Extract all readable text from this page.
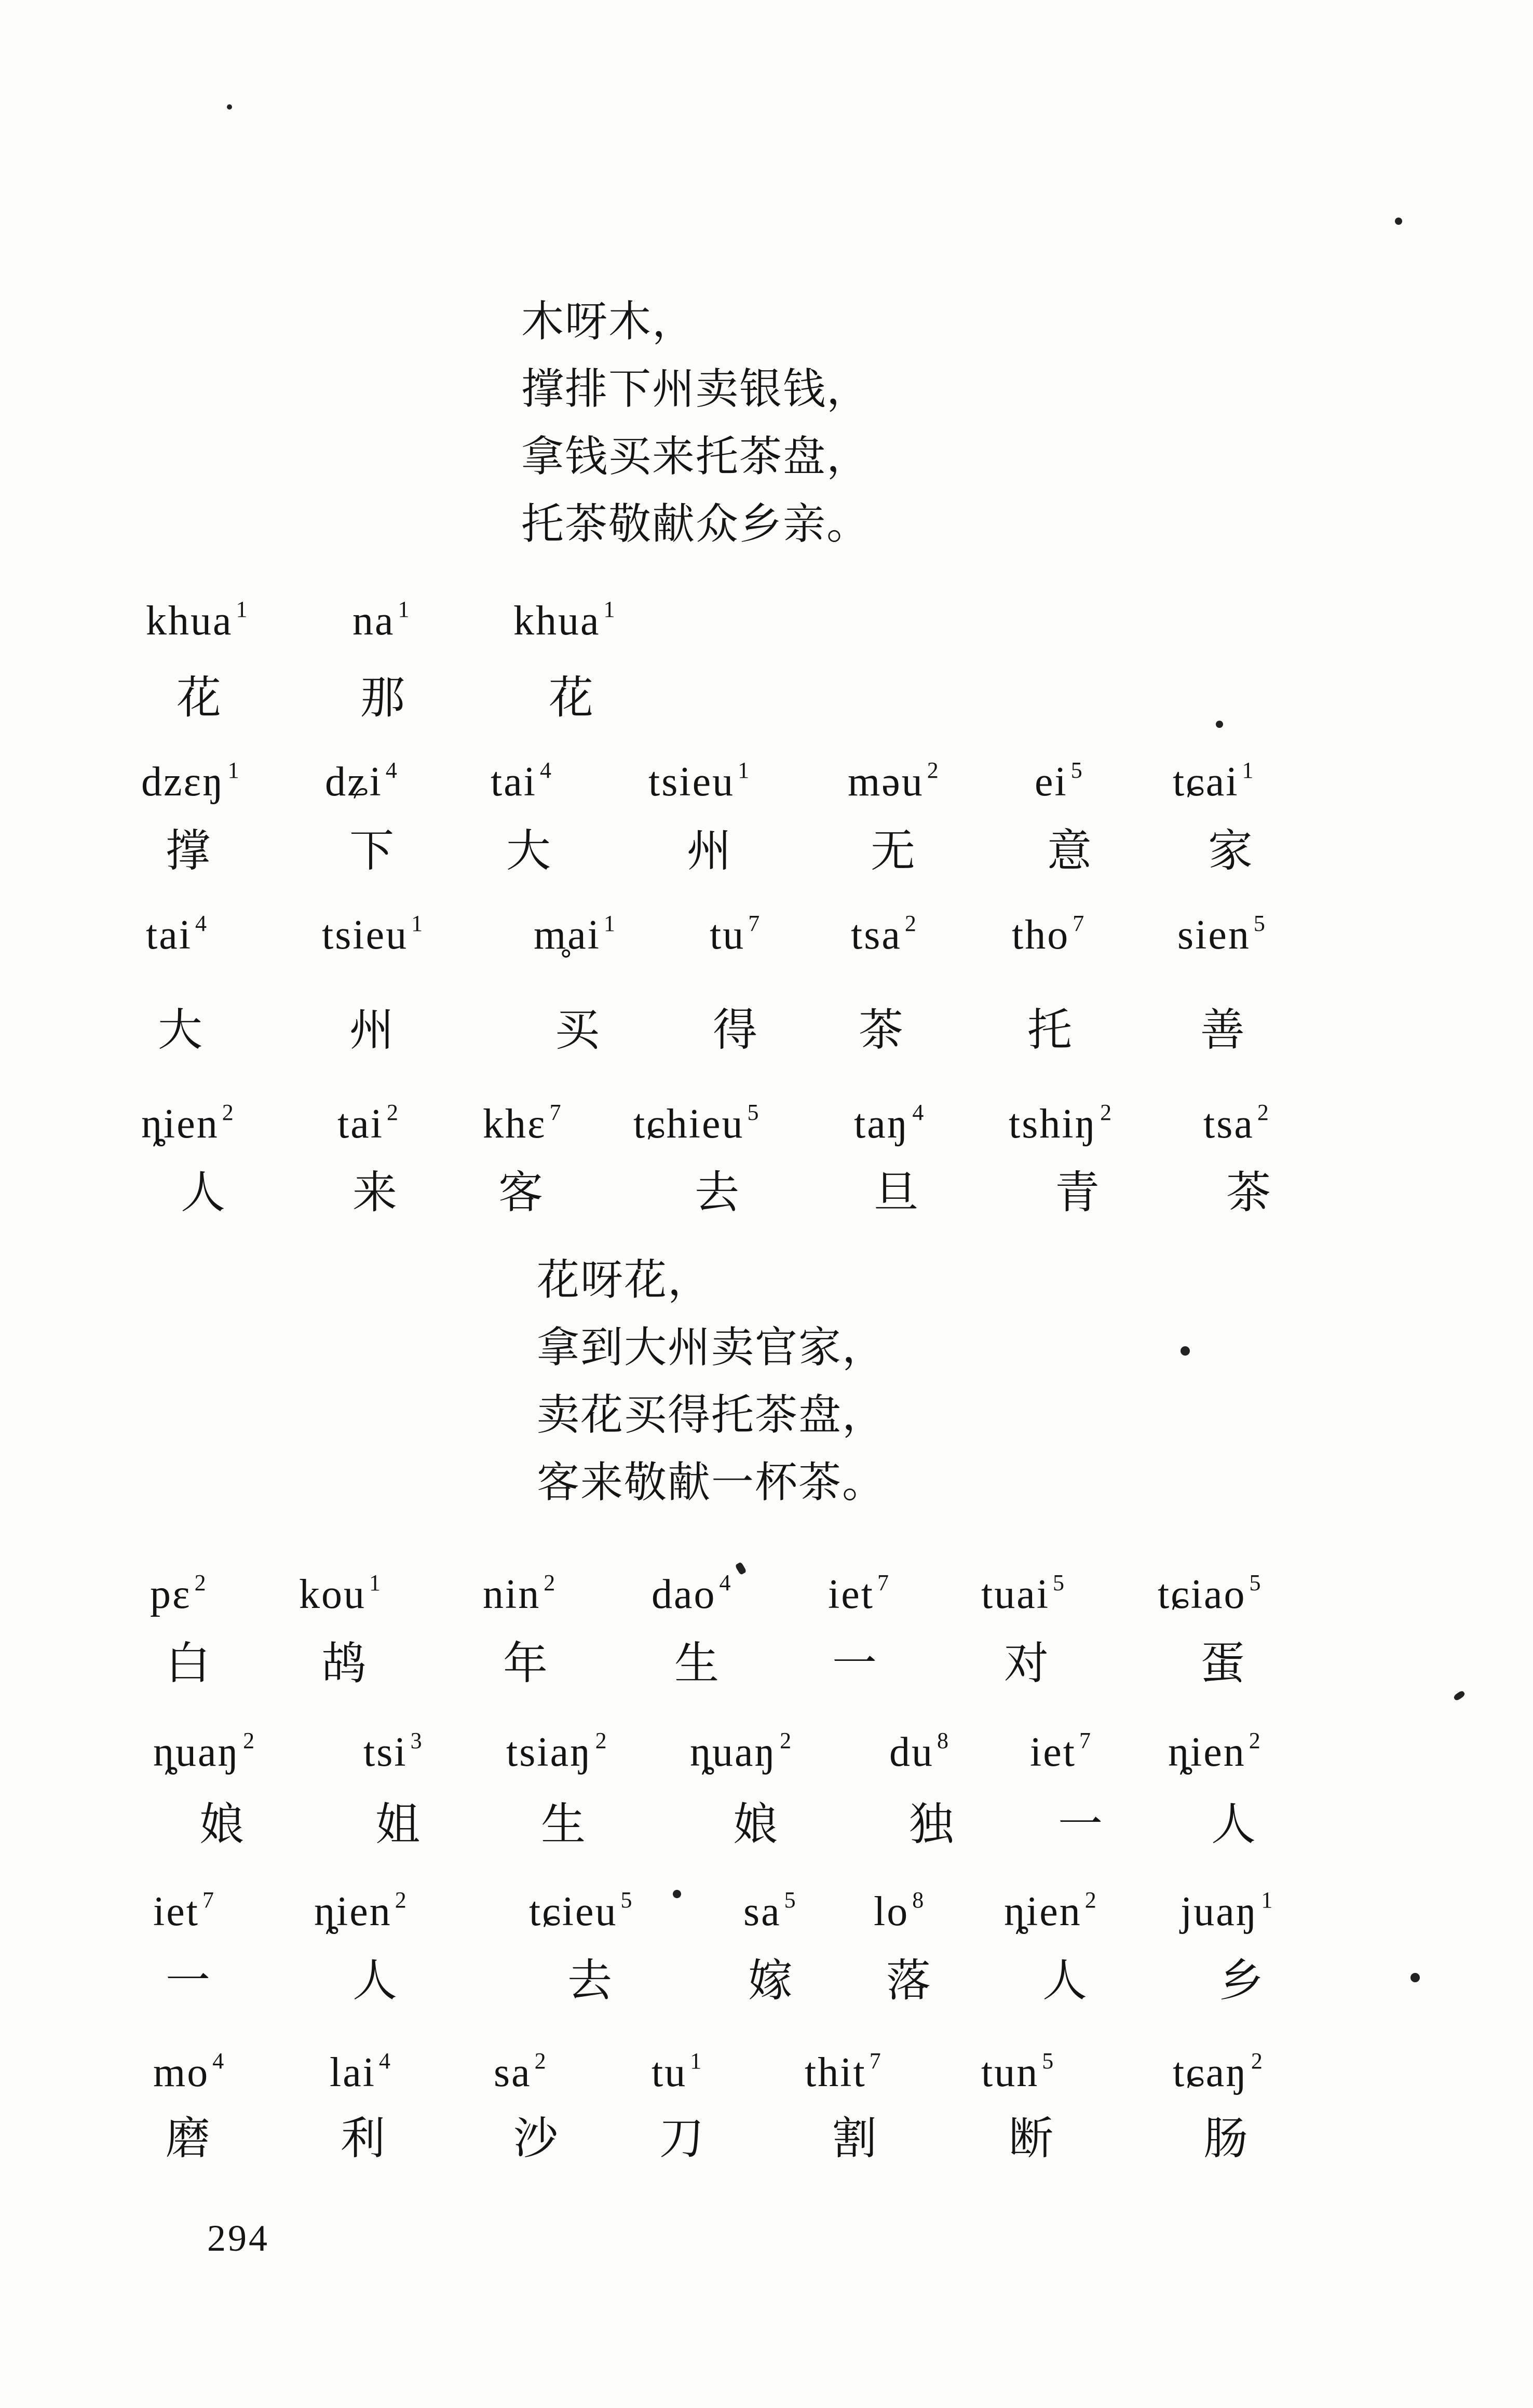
木呀木，
撑排下州卖银钱，
拿钱买来托茶盘，
托茶敬献众乡亲。
花呀花，
拿到大州卖官家，
卖花买得托茶盘，
客来敬献一杯茶。
khua $^1$
花
na $^1$
那
khua $^1$
花
dzɛŋ $^1$
撑
dʑi $^4$
下
tai $^4$
大
tsieu $^1$
州
məu $^2$
无
ei $^5$
意
tɕai $^1$
家
tai $^4$
大
tsieu $^1$
州
m̥ai $^1$
买
tu $^7$
得
tsa $^2$
茶
tho $^7$
托
sien $^5$
善
ȵien $^2$
人
tai $^2$
来
khɛ $^7$
客
tɕhieu $^5$
去
taŋ $^4$
旦
tshiŋ $^2$
青
tsa $^2$
茶
pɛ $^2$
白
kou $^1$
鸪
nin $^2$
年
dao $^4$
生
iet $^7$
一
tuai $^5$
对
tɕiao $^5$
蛋
ȵuaŋ $^2$
娘
tsi $^3$
姐
tsiaŋ $^2$
生
ȵuaŋ $^2$
娘
du $^8$
独
iet $^7$
一
ȵien $^2$
人
iet $^7$
一
ȵien $^2$
人
tɕieu $^5$
去
sa $^5$
嫁
lo $^8$
落
ȵien $^2$
人
juaŋ $^1$
乡
mo $^4$
磨
lai $^4$
利
sa $^2$
沙
tu $^1$
刀
thit $^7$
割
tun $^5$
断
tɕaŋ $^2$
肠
294
